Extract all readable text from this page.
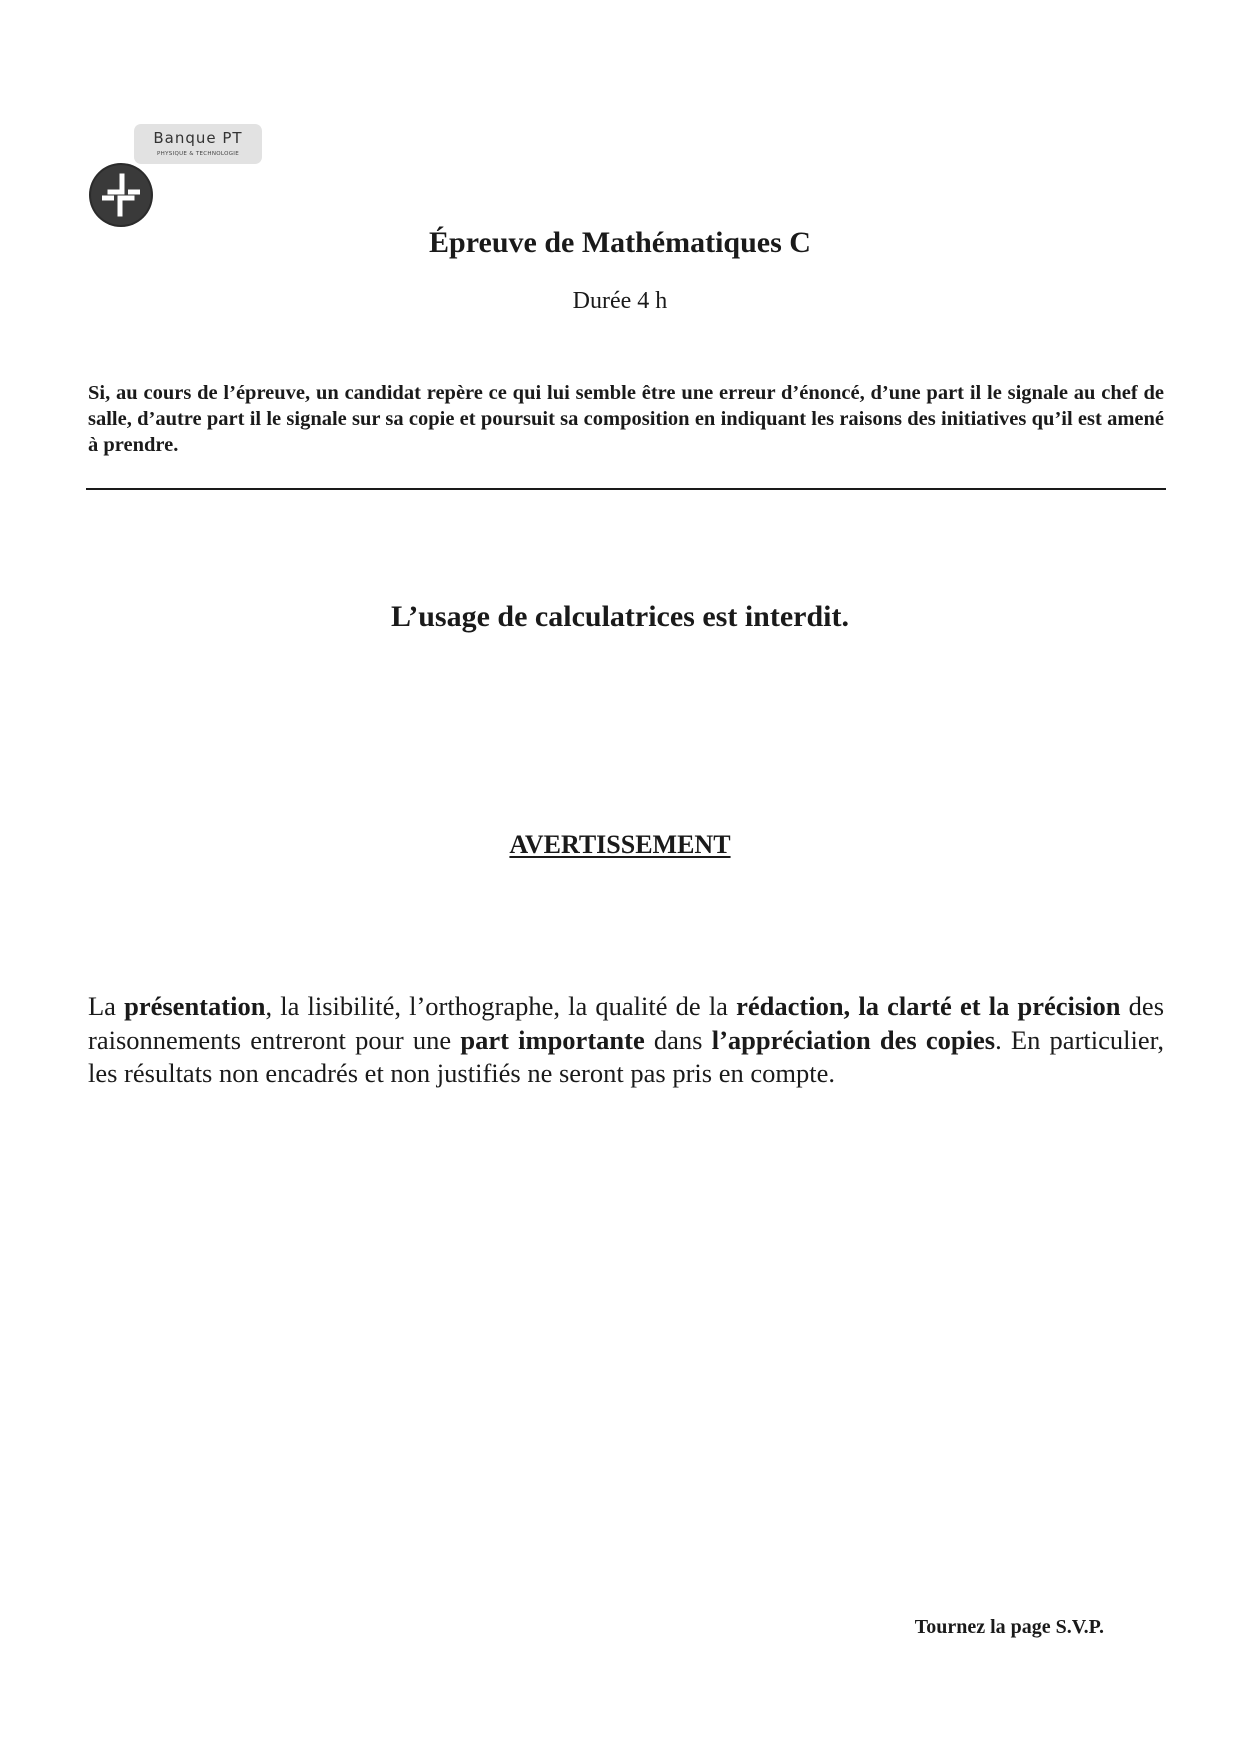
Banque PT
PHYSIQUE & TECHNOLOGIE
Épreuve de Mathématiques C
Durée 4 h

Si, au cours de l’épreuve, un candidat repère ce qui lui semble être une erreur d’énoncé, d’une part il le signale au chef de salle, d’autre part il le signale sur sa copie et poursuit sa composition en indiquant les raisons des initiatives qu’il est amené à prendre.

L’usage de calculatrices est interdit.
AVERTISSEMENT

La présentation, la lisibilité, l’orthographe, la qualité de la rédaction, la clarté et la précision des raisonnements entreront pour une part importante dans l’appréciation des copies. En particulier, les résultats non encadrés et non justifiés ne seront pas pris en compte.

Tournez la page S.V.P.
